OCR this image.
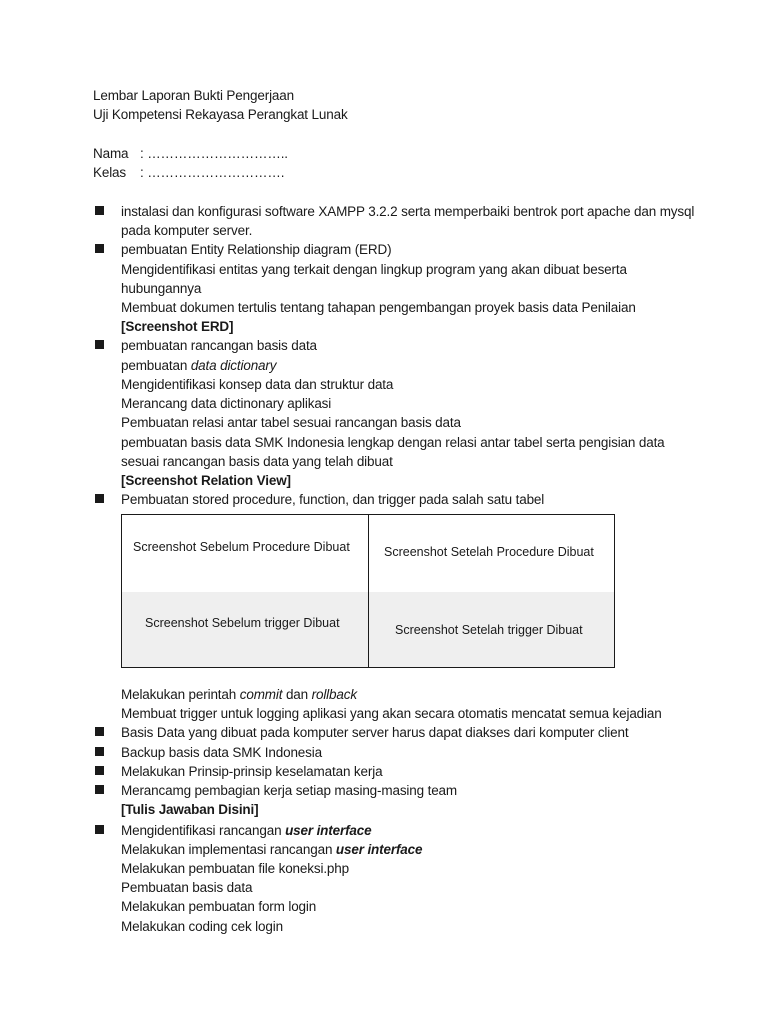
Lembar Laporan Bukti Pengerjaan
Uji Kompetensi Rekayasa Perangkat Lunak
Nama : …………………………..
Kelas : ………………………….
instalasi dan konfigurasi software XAMPP 3.2.2 serta memperbaiki bentrok port apache dan mysql
pada komputer server.
pembuatan Entity Relationship diagram (ERD)
Mengidentifikasi entitas yang terkait dengan lingkup program yang akan dibuat beserta
hubungannya
Membuat dokumen tertulis tentang tahapan pengembangan proyek basis data Penilaian
[Screenshot ERD]
pembuatan rancangan basis data
pembuatan data dictionary
Mengidentifikasi konsep data dan struktur data
Merancang data dictinonary aplikasi
Pembuatan relasi antar tabel sesuai rancangan basis data
pembuatan basis data SMK Indonesia lengkap dengan relasi antar tabel serta pengisian data
sesuai rancangan basis data yang telah dibuat
[Screenshot Relation View]
Pembuatan stored procedure, function, dan trigger pada salah satu tabel
Screenshot Sebelum Procedure Dibuat	Screenshot Setelah Procedure Dibuat
Screenshot Sebelum trigger Dibuat	Screenshot Setelah trigger Dibuat
Melakukan perintah commit dan rollback
Membuat trigger untuk logging aplikasi yang akan secara otomatis mencatat semua kejadian
Basis Data yang dibuat pada komputer server harus dapat diakses dari komputer client
Backup basis data SMK Indonesia
Melakukan Prinsip-prinsip keselamatan kerja
Merancamg pembagian kerja setiap masing-masing team
[Tulis Jawaban Disini]
Mengidentifikasi rancangan user interface
Melakukan implementasi rancangan user interface
Melakukan pembuatan file koneksi.php
Pembuatan basis data
Melakukan pembuatan form login
Melakukan coding cek login
